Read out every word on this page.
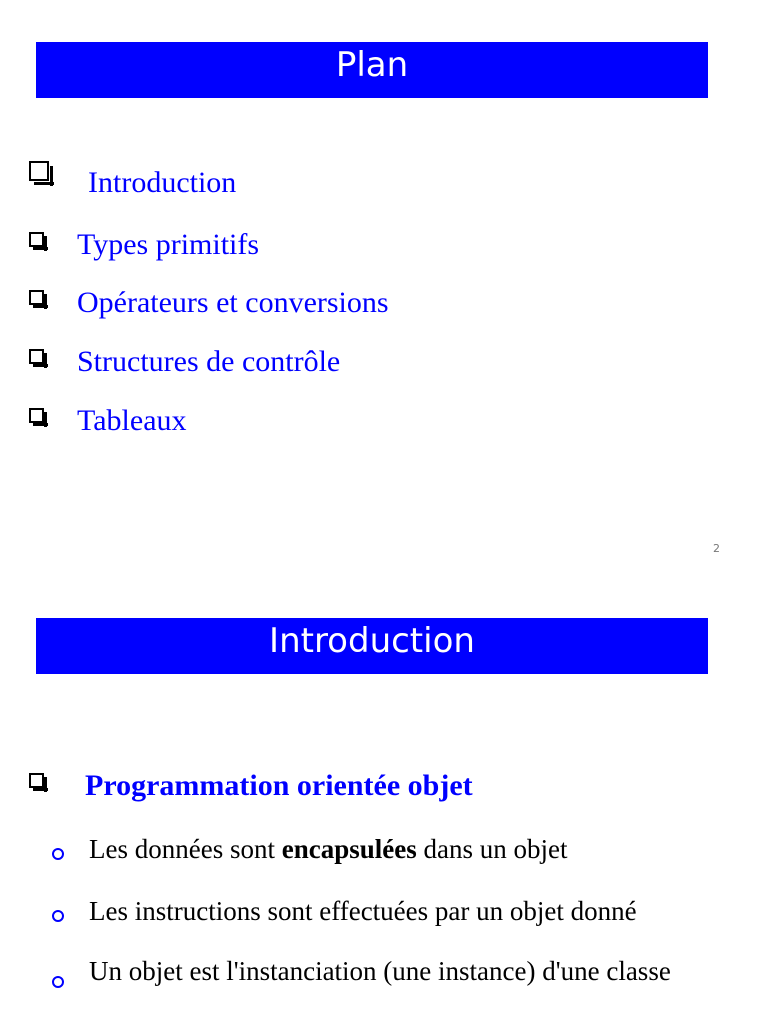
Plan
Introduction
Types primitifs
Opérateurs et conversions
Structures de contrôle
Tableaux
2
Introduction
Programmation orientée objet
Les données sont encapsulées dans un objet
Les instructions sont effectuées par un objet donné
Un objet est l'instanciation (une instance) d'une classe
